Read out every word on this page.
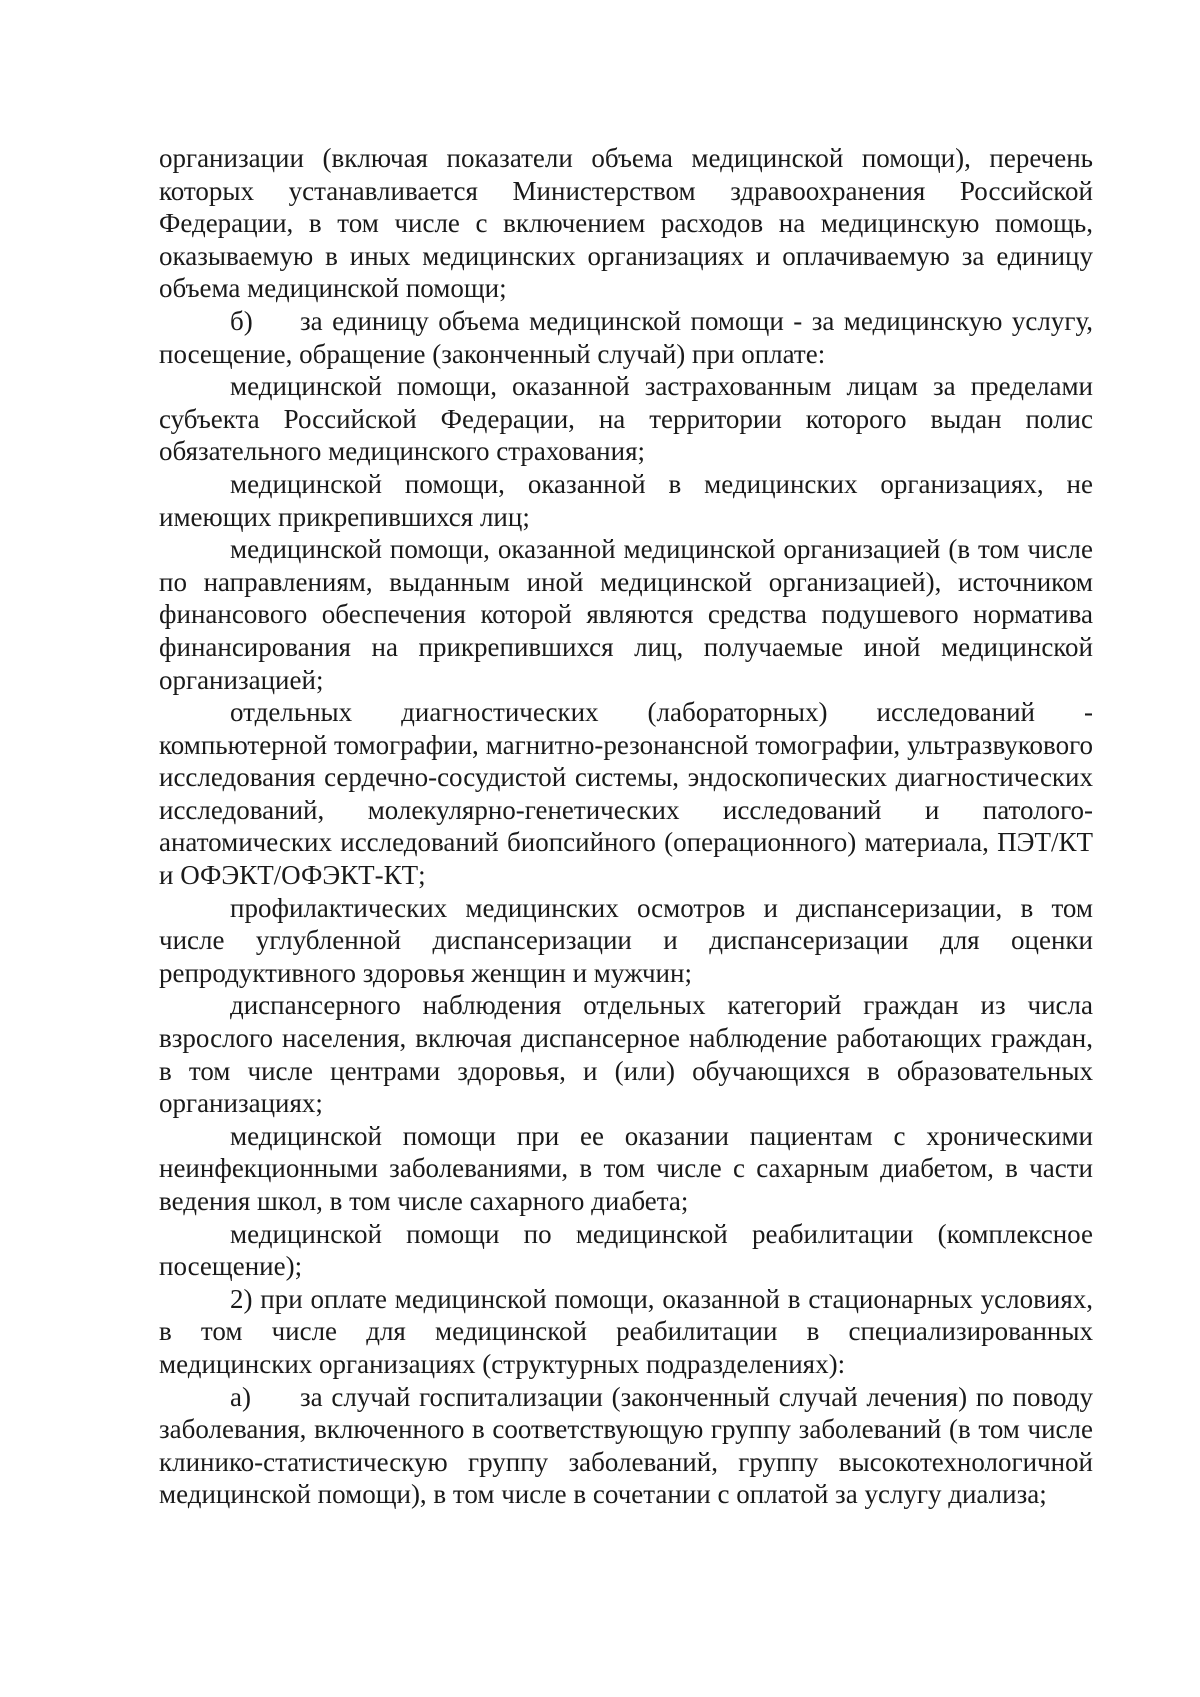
организации (включая показатели объема медицинской помощи), перечень которых устанавливается Министерством здравоохранения Российской Федерации, в том числе с включением расходов на медицинскую помощь, оказываемую в иных медицинских организациях и оплачиваемую за единицу объема медицинской помощи;

б) за единицу объема медицинской помощи - за медицинскую услугу, посещение, обращение (законченный случай) при оплате:

медицинской помощи, оказанной застрахованным лицам за пределами субъекта Российской Федерации, на территории которого выдан полис обязательного медицинского страхования;

медицинской помощи, оказанной в медицинских организациях, не имеющих прикрепившихся лиц;

медицинской помощи, оказанной медицинской организацией (в том числе по направлениям, выданным иной медицинской организацией), источником финансового обеспечения которой являются средства подушевого норматива финансирования на прикрепившихся лиц, получаемые иной медицинской организацией;

отдельных диагностических (лабораторных) исследований - компьютерной томографии, магнитно-резонансной томографии, ультразвукового исследования сердечно-сосудистой системы, эндоскопических диагностических исследований, молекулярно-генетических исследований и патолого-анатомических исследований биопсийного (операционного) материала, ПЭТ/КТ и ОФЭКТ/ОФЭКТ-КТ;

профилактических медицинских осмотров и диспансеризации, в том числе углубленной диспансеризации и диспансеризации для оценки репродуктивного здоровья женщин и мужчин;

диспансерного наблюдения отдельных категорий граждан из числа взрослого населения, включая диспансерное наблюдение работающих граждан, в том числе центрами здоровья, и (или) обучающихся в образовательных организациях;

медицинской помощи при ее оказании пациентам с хроническими неинфекционными заболеваниями, в том числе с сахарным диабетом, в части ведения школ, в том числе сахарного диабета;

медицинской помощи по медицинской реабилитации (комплексное посещение);

2) при оплате медицинской помощи, оказанной в стационарных условиях, в том числе для медицинской реабилитации в специализированных медицинских организациях (структурных подразделениях):

а) за случай госпитализации (законченный случай лечения) по поводу заболевания, включенного в соответствующую группу заболеваний (в том числе клинико-статистическую группу заболеваний, группу высокотехнологичной медицинской помощи), в том числе в сочетании с оплатой за услугу диализа;
